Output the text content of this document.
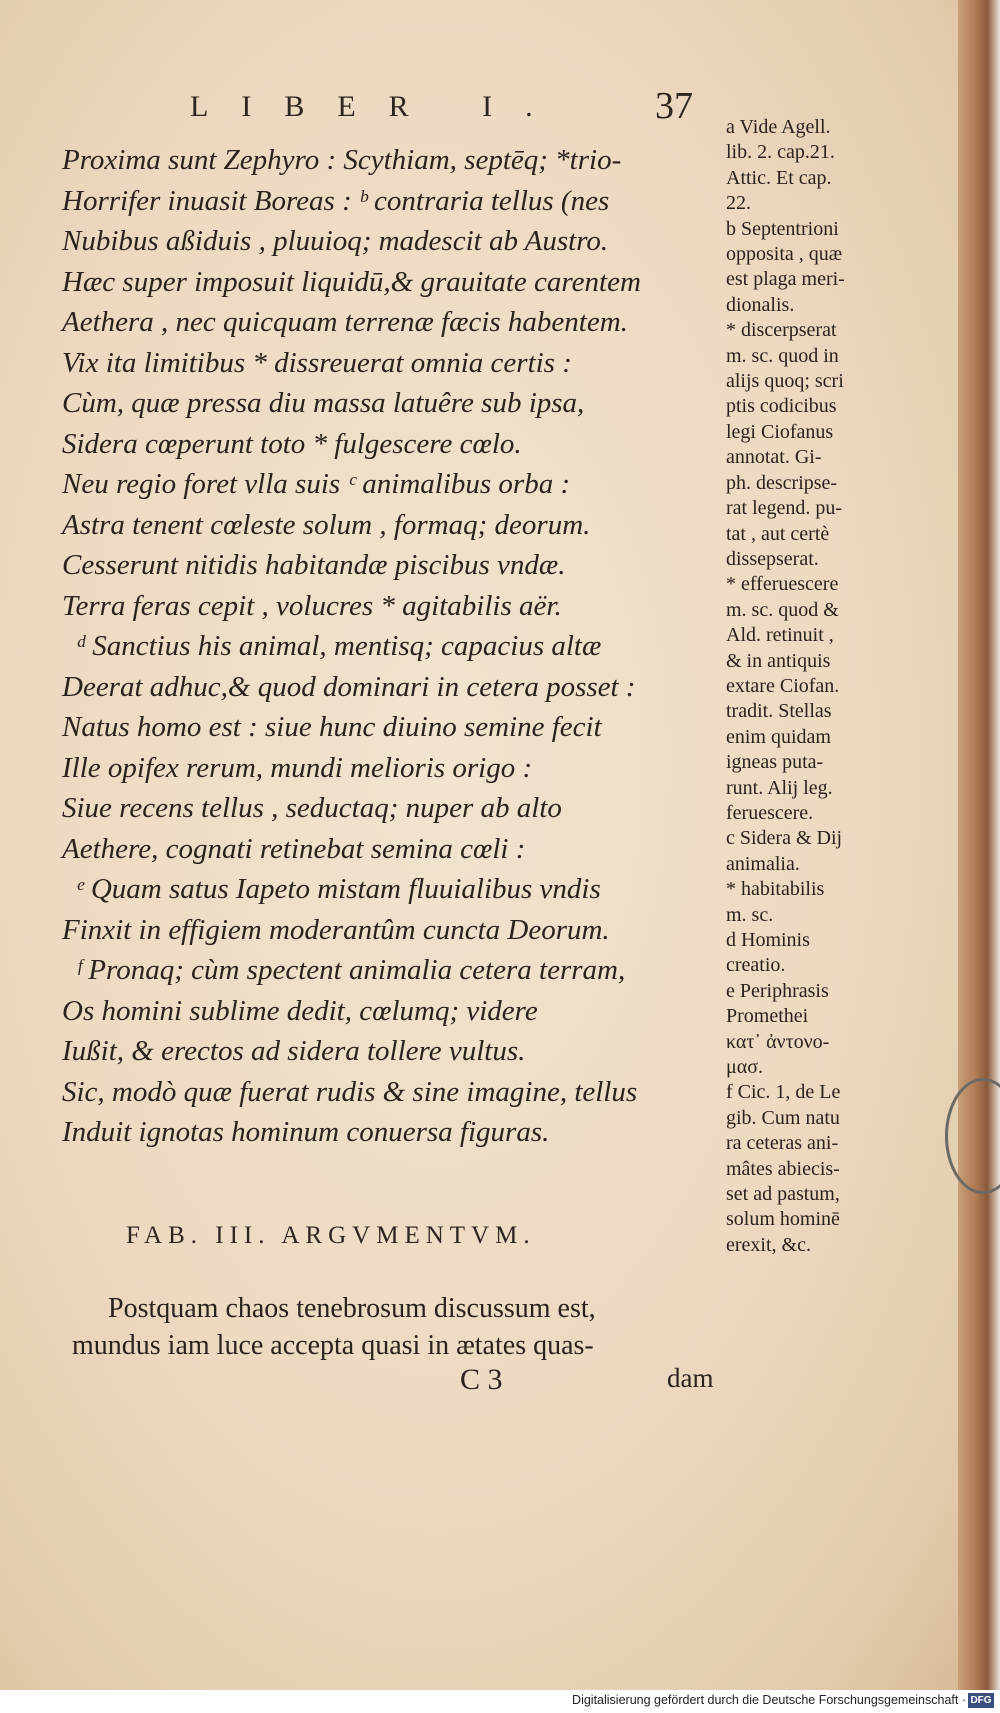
LIBER I. 37
Proxima sunt Zephyro : Scythiam, septēq; *trio-
Horrifer inuasit Boreas : ᵇ contraria tellus (nes
Nubibus aßiduis , pluuioq; madescit ab Austro.
Hæc super imposuit liquidū,& grauitate carentem
Aethera , nec quicquam terrenæ fæcis habentem.
Vix ita limitibus * dissreuerat omnia certis :
Cùm, quæ pressa diu massa latuêre sub ipsa,
Sidera cœperunt toto * fulgescere cœlo.
Neu regio foret vlla suis ᶜ animalibus orba :
Astra tenent cœleste solum , formaq; deorum.
Cesserunt nitidis habitandæ piscibus vndæ.
Terra feras cepit , volucres * agitabilis aër.
ᵈ Sanctius his animal, mentisq; capacius altæ
Deerat adhuc,& quod dominari in cetera posset :
Natus homo est : siue hunc diuino semine fecit
Ille opifex rerum, mundi melioris origo :
Siue recens tellus , seductaq; nuper ab alto
Aethere, cognati retinebat semina cœli :
ᵉ Quam satus Iapeto mistam fluuialibus vndis
Finxit in effigiem moderantûm cuncta Deorum.
ᶠ Pronaq; cùm spectent animalia cetera terram,
Os homini sublime dedit, cœlumq; videre
Iußit, & erectos ad sidera tollere vultus.
Sic, modò quæ fuerat rudis & sine imagine, tellus
Induit ignotas hominum conuersa figuras.
FAB. III. ARGVMENTVM.
Postquam chaos tenebrosum discussum est,
mundus iam luce accepta quasi in ætates quas-
C 3	dam
a Vide Agell.
lib. 2. cap.21.
Attic. Et cap.
22.
b Septentrioni
opposita , quæ
est plaga meri-
dionalis.
* discerpserat
m. sc. quod in
alijs quoq; scri
ptis codicibus
legi Ciofanus
annotat. Gi-
ph. descripse-
rat legend. pu-
tat , aut certè
dissepserat.
* efferuescere
m. sc. quod &
Ald. retinuit ,
& in antiquis
extare Ciofan.
tradit. Stellas
enim quidam
igneas puta-
runt. Alij leg.
feruescere.
c Sidera & Dij
animalia.
* habitabilis
m. sc.
d Hominis
creatio.
e Periphrasis
Promethei
κατ᾽ ἀντονο-
μασ.
f Cic. 1, de Le
gib. Cum natu
ra ceteras ani-
mâtes abiecis-
set ad pastum,
solum hominē
erexit, &c.
Digitalisierung gefördert durch die Deutsche Forschungsgemeinschaft · DFG
